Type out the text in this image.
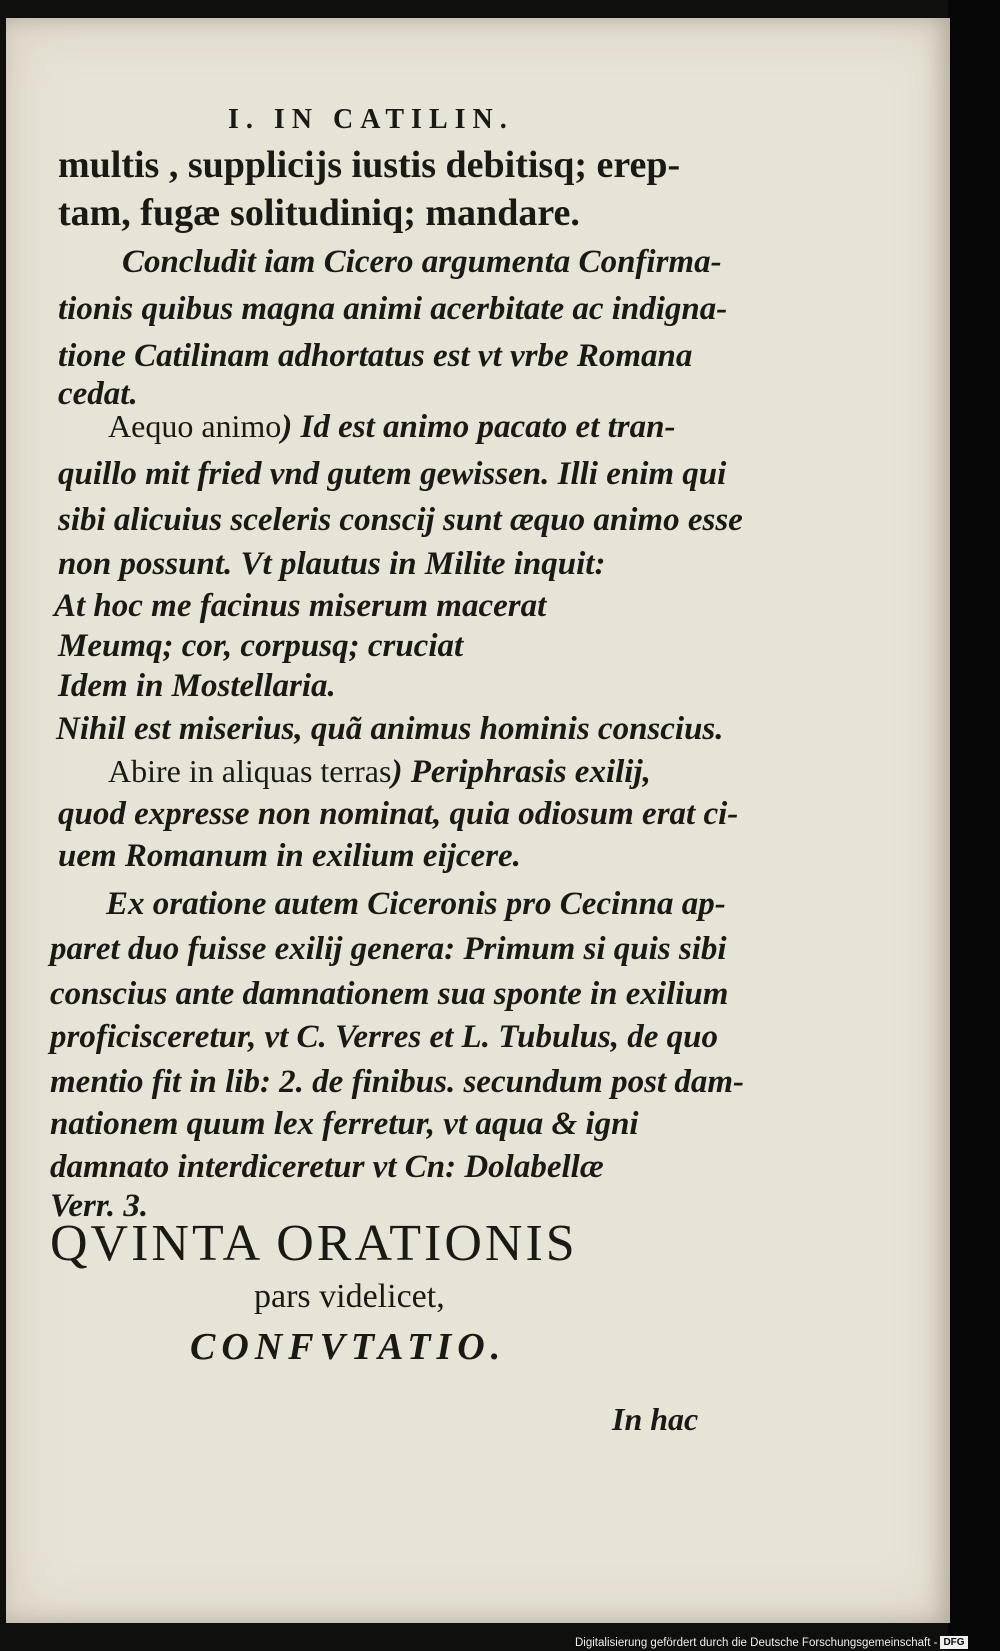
I. IN CATILIN.
multis , supplicijs iustis debitisq; erep-
tam, fugæ solitudiniq; mandare.
Concludit iam Cicero argumenta Confirma-
tionis quibus magna animi acerbitate ac indigna-
tione Catilinam adhortatus est vt vrbe Romana
cedat.
Aequo animo) Id est animo pacato et tran-
quillo mit fried vnd gutem gewissen. Illi enim qui
sibi alicuius sceleris conscij sunt æquo animo esse
non possunt. Vt plautus in Milite inquit:
At hoc me facinus miserum macerat
Meumq; cor, corpusq; cruciat
Idem in Mostellaria.
Nihil est miserius, quã animus hominis conscius.
Abire in aliquas terras) Periphrasis exilij,
quod expresse non nominat, quia odiosum erat ci-
uem Romanum in exilium eijcere.
Ex oratione autem Ciceronis pro Cecinna ap-
paret duo fuisse exilij genera: Primum si quis sibi
conscius ante damnationem sua sponte in exilium
proficisceretur, vt C. Verres et L. Tubulus, de quo
mentio fit in lib: 2. de finibus. secundum post dam-
nationem quum lex ferretur, vt aqua & igni
damnato interdiceretur vt Cn: Dolabellæ
Verr. 3.
QVINTA ORATIONIS
pars videlicet,
CONFVTATIO.
In hac
Digitalisierung gefördert durch die Deutsche Forschungsgemeinschaft - DFG
